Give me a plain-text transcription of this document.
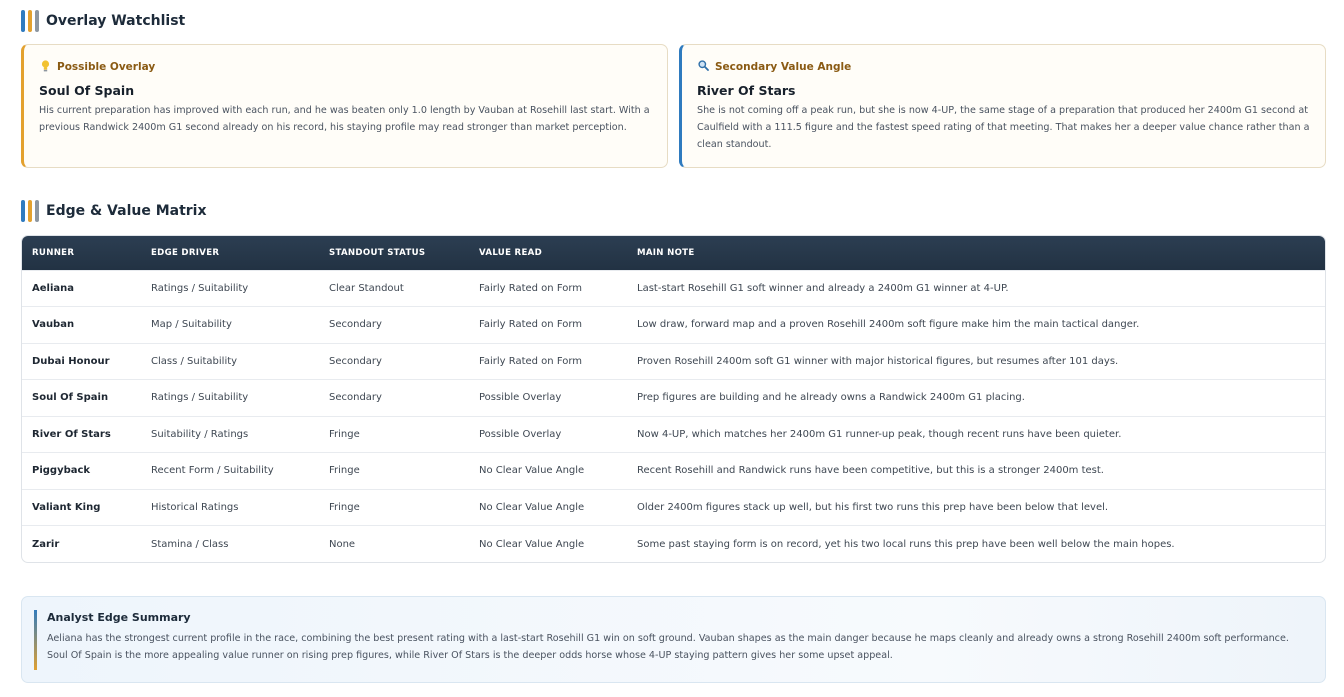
Overlay Watchlist
Possible Overlay
Soul Of Spain
His current preparation has improved with each run, and he was beaten only 1.0 length by Vauban at Rosehill last start. With a previous Randwick 2400m G1 second already on his record, his staying profile may read stronger than market perception.
Secondary Value Angle
River Of Stars
She is not coming off a peak run, but she is now 4-UP, the same stage of a preparation that produced her 2400m G1 second at Caulfield with a 111.5 figure and the fastest speed rating of that meeting. That makes her a deeper value chance rather than a clean standout.
Edge & Value Matrix
RUNNER	EDGE DRIVER	STANDOUT STATUS	VALUE READ	MAIN NOTE
Aeliana	Ratings / Suitability	Clear Standout	Fairly Rated on Form	Last-start Rosehill G1 soft winner and already a 2400m G1 winner at 4-UP.
Vauban	Map / Suitability	Secondary	Fairly Rated on Form	Low draw, forward map and a proven Rosehill 2400m soft figure make him the main tactical danger.
Dubai Honour	Class / Suitability	Secondary	Fairly Rated on Form	Proven Rosehill 2400m soft G1 winner with major historical figures, but resumes after 101 days.
Soul Of Spain	Ratings / Suitability	Secondary	Possible Overlay	Prep figures are building and he already owns a Randwick 2400m G1 placing.
River Of Stars	Suitability / Ratings	Fringe	Possible Overlay	Now 4-UP, which matches her 2400m G1 runner-up peak, though recent runs have been quieter.
Piggyback	Recent Form / Suitability	Fringe	No Clear Value Angle	Recent Rosehill and Randwick runs have been competitive, but this is a stronger 2400m test.
Valiant King	Historical Ratings	Fringe	No Clear Value Angle	Older 2400m figures stack up well, but his first two runs this prep have been below that level.
Zarir	Stamina / Class	None	No Clear Value Angle	Some past staying form is on record, yet his two local runs this prep have been well below the main hopes.
Analyst Edge Summary
Aeliana has the strongest current profile in the race, combining the best present rating with a last-start Rosehill G1 win on soft ground. Vauban shapes as the main danger because he maps cleanly and already owns a strong Rosehill 2400m soft performance. Soul Of Spain is the more appealing value runner on rising prep figures, while River Of Stars is the deeper odds horse whose 4-UP staying pattern gives her some upset appeal.
